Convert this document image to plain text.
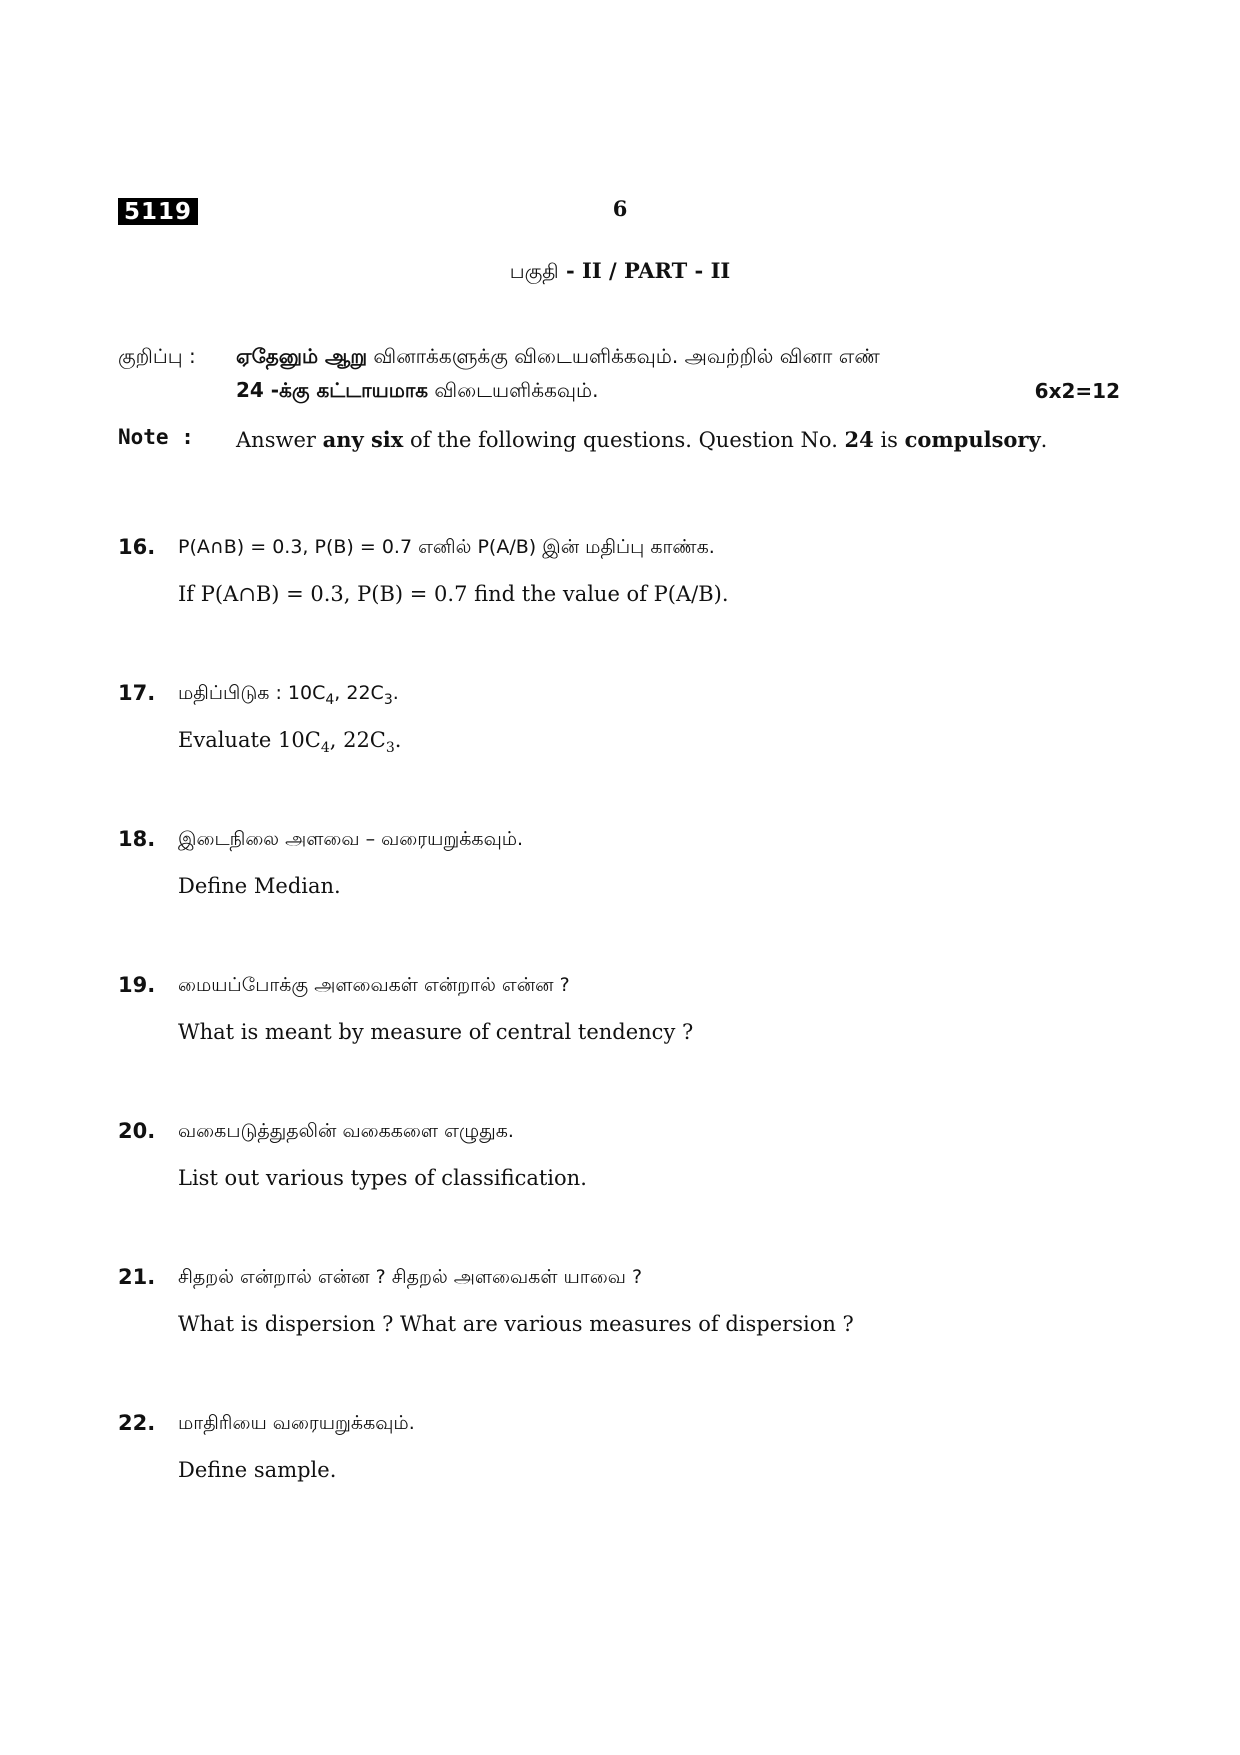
5119	6
பகுதி - II / PART - II
குறிப்பு : ஏதேனும் ஆறு வினாக்களுக்கு விடையளிக்கவும். அவற்றில் வினா எண்
24 -க்கு கட்டாயமாக விடையளிக்கவும்.	6x2=12
Note : Answer any six of the following questions. Question No. 24 is compulsory.
16. P(A∩B) = 0.3, P(B) = 0.7 எனில் P(A/B) இன் மதிப்பு காண்க.
If P(A∩B) = 0.3, P(B) = 0.7 find the value of P(A/B).
17. மதிப்பிடுக : $10C_4$, $22C_3$.
Evaluate $10C_4$, $22C_3$.
18. இடைநிலை அளவை – வரையறுக்கவும்.
Define Median.
19. மையப்போக்கு அளவைகள் என்றால் என்ன ?
What is meant by measure of central tendency ?
20. வகைபடுத்துதலின் வகைகளை எழுதுக.
List out various types of classification.
21. சிதறல் என்றால் என்ன ? சிதறல் அளவைகள் யாவை ?
What is dispersion ? What are various measures of dispersion ?
22. மாதிரியை வரையறுக்கவும்.
Define sample.
